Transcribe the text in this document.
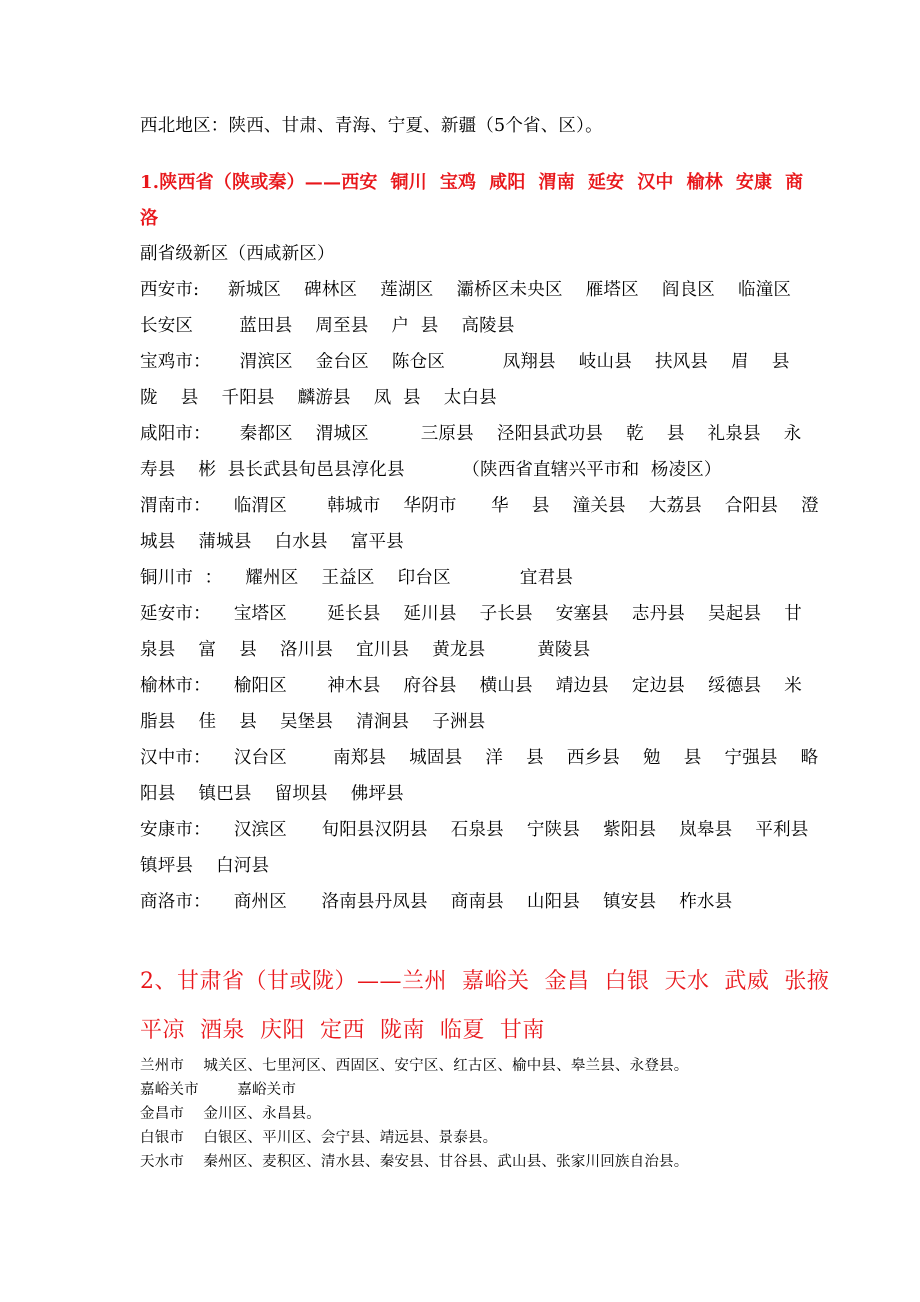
西北地区：陕西、甘肃、青海、宁夏、新疆（5个省、区）。
1.陕西省（陕或秦）——西安  铜川  宝鸡  咸阳  渭南  延安  汉中  榆林  安康  商
洛
副省级新区（西咸新区）
西安市:     新城区    碑林区    莲湖区    灞桥区未央区    雁塔区    阎良区    临潼区
长安区        蓝田县    周至县    户  县    高陵县
宝鸡市：     渭滨区    金台区    陈仓区          凤翔县    岐山县    扶风县    眉    县
陇    县    千阳县    麟游县    凤  县    太白县
咸阳市：     秦都区    渭城区         三原县    泾阳县武功县    乾    县    礼泉县    永
寿县    彬  县长武县旬邑县淳化县          （陕西省直辖兴平市和  杨凌区）
渭南市：    临渭区       韩城市    华阴市      华    县    潼关县    大荔县    合阳县    澄
城县    蒲城县    白水县    富平县
铜川市  ：    耀州区    王益区    印台区            宜君县
延安市：    宝塔区       延长县    延川县    子长县    安塞县    志丹县    吴起县    甘
泉县    富    县    洛川县    宜川县    黄龙县         黄陵县
榆林市：    榆阳区       神木县    府谷县    横山县    靖边县    定边县    绥德县    米
脂县    佳    县    吴堡县    清涧县    子洲县
汉中市：    汉台区        南郑县    城固县    洋    县    西乡县    勉    县    宁强县    略
阳县    镇巴县    留坝县    佛坪县
安康市：    汉滨区      旬阳县汉阴县    石泉县    宁陕县    紫阳县    岚皋县    平利县
镇坪县    白河县
商洛市：    商州区      洛南县丹凤县    商南县    山阳县    镇安县    柞水县
2、甘肃省（甘或陇）——兰州  嘉峪关  金昌  白银  天水  武威  张掖
平凉  酒泉  庆阳  定西  陇南  临夏  甘南
兰州市    城关区、七里河区、西固区、安宁区、红古区、榆中县、皋兰县、永登县。
嘉峪关市        嘉峪关市
金昌市    金川区、永昌县。
白银市    白银区、平川区、会宁县、靖远县、景泰县。
天水市    秦州区、麦积区、清水县、秦安县、甘谷县、武山县、张家川回族自治县。
